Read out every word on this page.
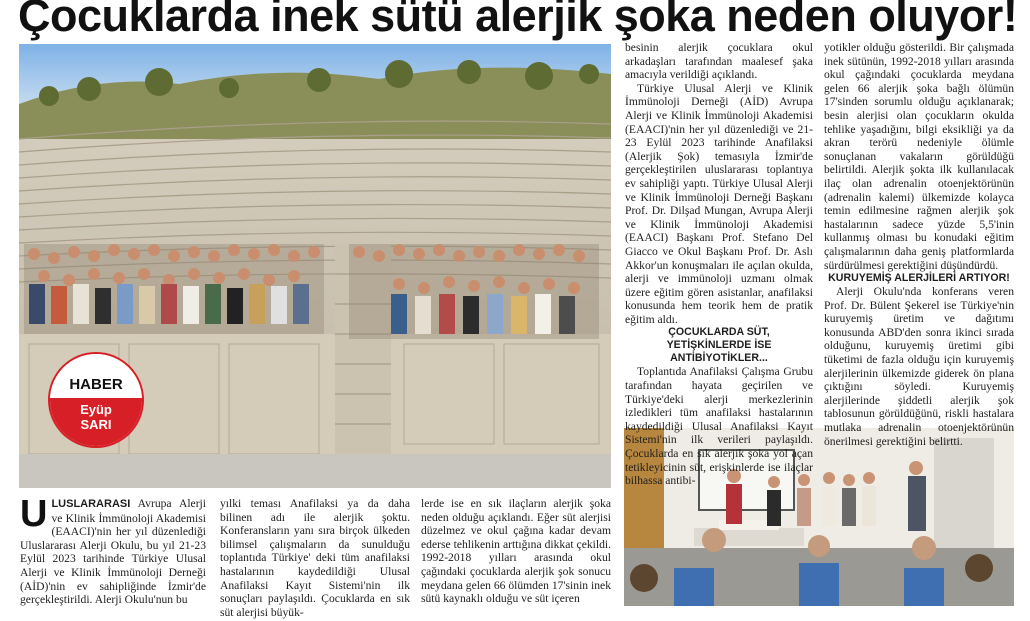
Çocuklarda inek sütü alerjik şoka neden oluyor!
HABER
Eyüp
SARI

ULUSLARARASI Avrupa Alerji ve Klinik İmmünoloji Akademisi (EAACI)'nin her yıl düzenlediği Uluslararası Alerji Okulu, bu yıl 21-23 Eylül 2023 tarihinde Türkiye Ulusal Alerji ve Klinik İmmünoloji Derneği (AİD)'nin ev sahipliğinde İzmir'de gerçekleştirildi. Alerji Okulu'nun bu

yılki teması Anafilaksi ya da daha bilinen adı ile alerjik şoktu. Konferansların yanı sıra birçok ülkeden bilimsel çalışmaların da sunulduğu toplantıda Türkiye' deki tüm anafilaksi hastalarının kaydedildiği Ulusal Anafilaksi Kayıt Sistemi'nin ilk sonuçları paylaşıldı. Çocuklarda en sık süt alerjisi büyük-

lerde ise en sık ilaçların alerjik şoka neden olduğu açıklandı. Eğer süt alerjisi düzelmez ve okul çağına kadar devam ederse tehlikenin arttığına dikkat çekildi. 1992-2018 yılları arasında okul çağındaki çocuklarda alerjik şok sonucu meydana gelen 66 ölümden 17'sinin inek sütü kaynaklı olduğu ve süt içeren

besinin alerjik çocuklara okul arkadaşları tarafından maalesef şaka amacıyla verildiği açıklandı.

Türkiye Ulusal Alerji ve Klinik İmmünoloji Derneği (AİD) Avrupa Alerji ve Klinik İmmünoloji Akademisi (EAACI)'nin her yıl düzenlediği ve 21-23 Eylül 2023 tarihinde Anafilaksi (Alerjik Şok) temasıyla İzmir'de gerçekleştirilen uluslararası toplantıya ev sahipliği yaptı. Türkiye Ulusal Alerji ve Klinik İmmünoloji Derneği Başkanı Prof. Dr. Dilşad Mungan, Avrupa Alerji ve Klinik İmmünoloji Akademisi (EAACI) Başkanı Prof. Stefano Del Giacco ve Okul Başkanı Prof. Dr. Aslı Akkor'un konuşmaları ile açılan okulda, alerji ve immünoloji uzmanı olmak üzere eğitim gören asistanlar, anafilaksi konusunda hem teorik hem de pratik eğitim aldı.

ÇOCUKLARDA SÜT, YETİŞKİNLERDE İSE ANTİBİYOTİKLER...

Toplantıda Anafilaksi Çalışma Grubu tarafından hayata geçirilen ve Türkiye'deki alerji merkezlerinin izledikleri tüm anafilaksi hastalarının kaydedildiği Ulusal Anafilaksi Kayıt Sistemi'nin ilk verileri paylaşıldı. Çocuklarda en sık alerjik şoka yol açan tetikleyicinin süt, erişkinlerde ise ilaçlar bilhassa antibi-

yotikler olduğu gösterildi. Bir çalışmada inek sütünün, 1992-2018 yılları arasında okul çağındaki çocuklarda meydana gelen 66 alerjik şoka bağlı ölümün 17'sinden sorumlu olduğu açıklanarak; besin alerjisi olan çocukların okulda tehlike yaşadığını, bilgi eksikliği ya da akran terörü nedeniyle ölümle sonuçlanan vakaların görüldüğü belirtildi. Alerjik şokta ilk kullanılacak ilaç olan adrenalin otoenjektörünün (adrenalin kalemi) ülkemizde kolayca temin edilmesine rağmen alerjik şok hastalarının sadece yüzde 5,5'inin kullanmış olması bu konudaki eğitim çalışmalarının daha geniş platformlarda sürdürülmesi gerektiğini düşündürdü.

KURUYEMİŞ ALERJİLERİ ARTIYOR!

Alerji Okulu'nda konferans veren Prof. Dr. Bülent Şekerel ise Türkiye'nin kuruyemiş üretim ve dağıtımı konusunda ABD'den sonra ikinci sırada olduğunu, kuruyemiş üretimi gibi tüketimi de fazla olduğu için kuruyemiş alerjilerinin ülkemizde giderek ön plana çıktığını söyledi. Kuruyemiş alerjilerinde şiddetli alerjik şok tablosunun görüldüğünü, riskli hastalara mutlaka adrenalin otoenjektörünün önerilmesi gerektiğini belirtti.
